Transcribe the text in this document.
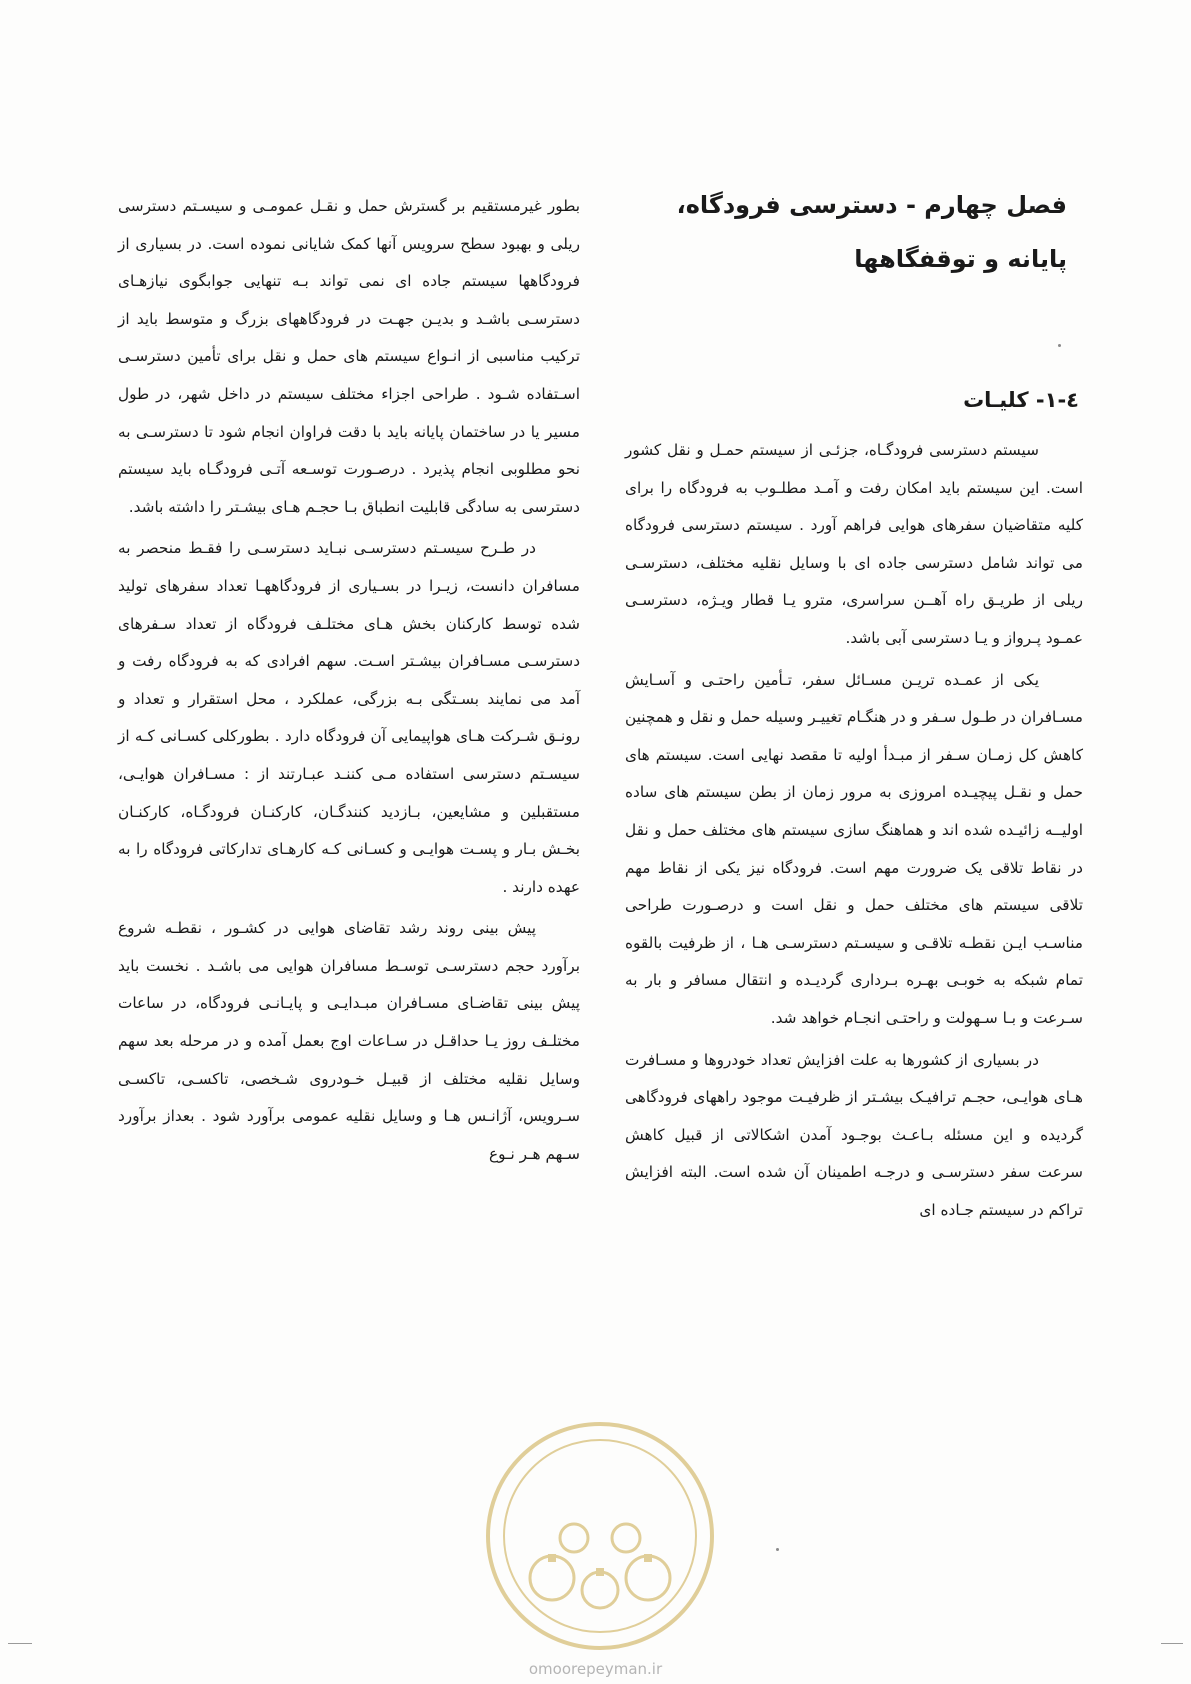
فصل چهارم - دسترسی فرودگاه، پایانه و توقفگاهها
٤-١- کلیـات

سیستم دسترسی فرودگـاه، جزئـی از سیستم حمـل و نقل کشور است. این سیستم باید امکان رفت و آمـد مطلـوب به فرودگاه را برای کلیه متقاضیان سفرهای هوایی فراهم آورد . سیستم دسترسی فرودگاه می تواند شامل دسترسی جاده ای با وسایل نقلیه مختلف، دسترسـی ریلی از طریـق راه آهــن سراسری، مترو یـا قطار ویـژه، دسترسـی عمـود پـرواز و یـا دسترسی آبی باشد.

یکی از عمـده تریـن مسـائل سفر، تـأمین راحتـی و آسـایش مسـافران در طـول سـفر و در هنگـام تغییـر وسیله حمل و نقل و همچنین کاهش کل زمـان سـفر از مبـدأ اولیه تا مقصد نهایی است. سیستم های حمل و نقـل پیچیـده امروزی به مرور زمان از بطن سیستم های ساده اولیــه زائیـده شده اند و هماهنگ سازی سیستم های مختلف حمل و نقل در نقاط تلاقی یک ضرورت مهم است. فرودگاه نیز یکی از نقاط مهم تلاقی سیستم های مختلف حمل و نقل است و درصـورت طراحی مناسـب ایـن نقطـه تلاقـی و سیسـتم دسترسـی هـا ، از ظرفیت بالقوه تمام شبکه به خوبـی بهـره بـرداری گردیـده و انتقال مسافر و بار به سـرعت و بـا سـهولت و راحتـی انجـام خواهد شد.

در بسیاری از کشورها به علت افزایش تعداد خودروها و مسـافرت هـای هوایـی، حجـم ترافیـک بیشـتر از ظرفیـت موجود راههای فرودگاهی گردیده و این مسئله بـاعـث بوجـود آمدن اشکالاتی از قبیل کاهش سرعت سفر دسترسـی و درجـه اطمینان آن شده است. البته افزایش تراکم در سیستم جـاده ای

بطور غیرمستقیم بر گسترش حمل و نقـل عمومـی و سیسـتم دسترسی ریلی و بهبود سطح سرویس آنها کمک شایانی نموده است. در بسیاری از فرودگاهها سیستم جاده ای نمی تواند بـه تنهایی جوابگوی نیازهـای دسترسـی باشـد و بدیـن جهـت در فرودگاههای بزرگ و متوسط باید از ترکیب مناسبی از انـواع سیستم های حمل و نقل برای تأمین دسترسـی اسـتفاده شـود . طراحی اجزاء مختلف سیستم در داخل شهر، در طول مسیر یا در ساختمان پایانه باید با دقت فراوان انجام شود تا دسترسـی به نحو مطلوبی انجام پذیرد . درصـورت توسـعه آتـی فرودگـاه باید سیستم دسترسی به سادگی قابلیت انطباق بـا حجـم هـای بیشـتر را داشته باشد.

در طـرح سیسـتم دسترسـی نبـاید دسترسـی را فقـط منحصر به مسافران دانست، زیـرا در بسـیاری از فرودگاههـا تعداد سفرهای تولید شده توسط کارکنان بخش هـای مختلـف فرودگاه از تعداد سـفرهای دسترسـی مسـافران بیشـتر اسـت. سهم افرادی که به فرودگاه رفت و آمد می نمایند بسـتگی بـه بزرگی، عملکرد ، محل استقرار و تعداد و رونـق شـرکت هـای هواپیمایی آن فرودگاه دارد . بطورکلی کسـانی کـه از سیسـتم دسترسی استفاده مـی کننـد عبـارتند از : مسـافران هوایـی، مستقبلین و مشایعین، بـازدید کنندگـان، کارکنـان فرودگـاه، کارکنـان بخـش بـار و پسـت هوایـی و کسـانی کـه کارهـای تدارکاتی فرودگاه را به عهده دارند .

پیش بینی روند رشد تقاضای هوایی در کشـور ، نقطـه شروع برآورد حجم دسترسـی توسـط مسافران هوایی می باشـد . نخست باید پیش بینی تقاضـای مسـافران مبـدایـی و پایـانـی فرودگاه، در ساعات مختلـف روز یـا حداقـل در سـاعات اوج بعمل آمده و در مرحله بعد سهم وسایل نقلیه مختلف از قبیـل خـودروی شـخصی، تاکسـی، تاکسـی سـرویس، آژانـس هـا و وسایل نقلیه عمومی برآورد شود . بعداز برآورد سـهم هـر نـوع

omoorepeyman.ir
